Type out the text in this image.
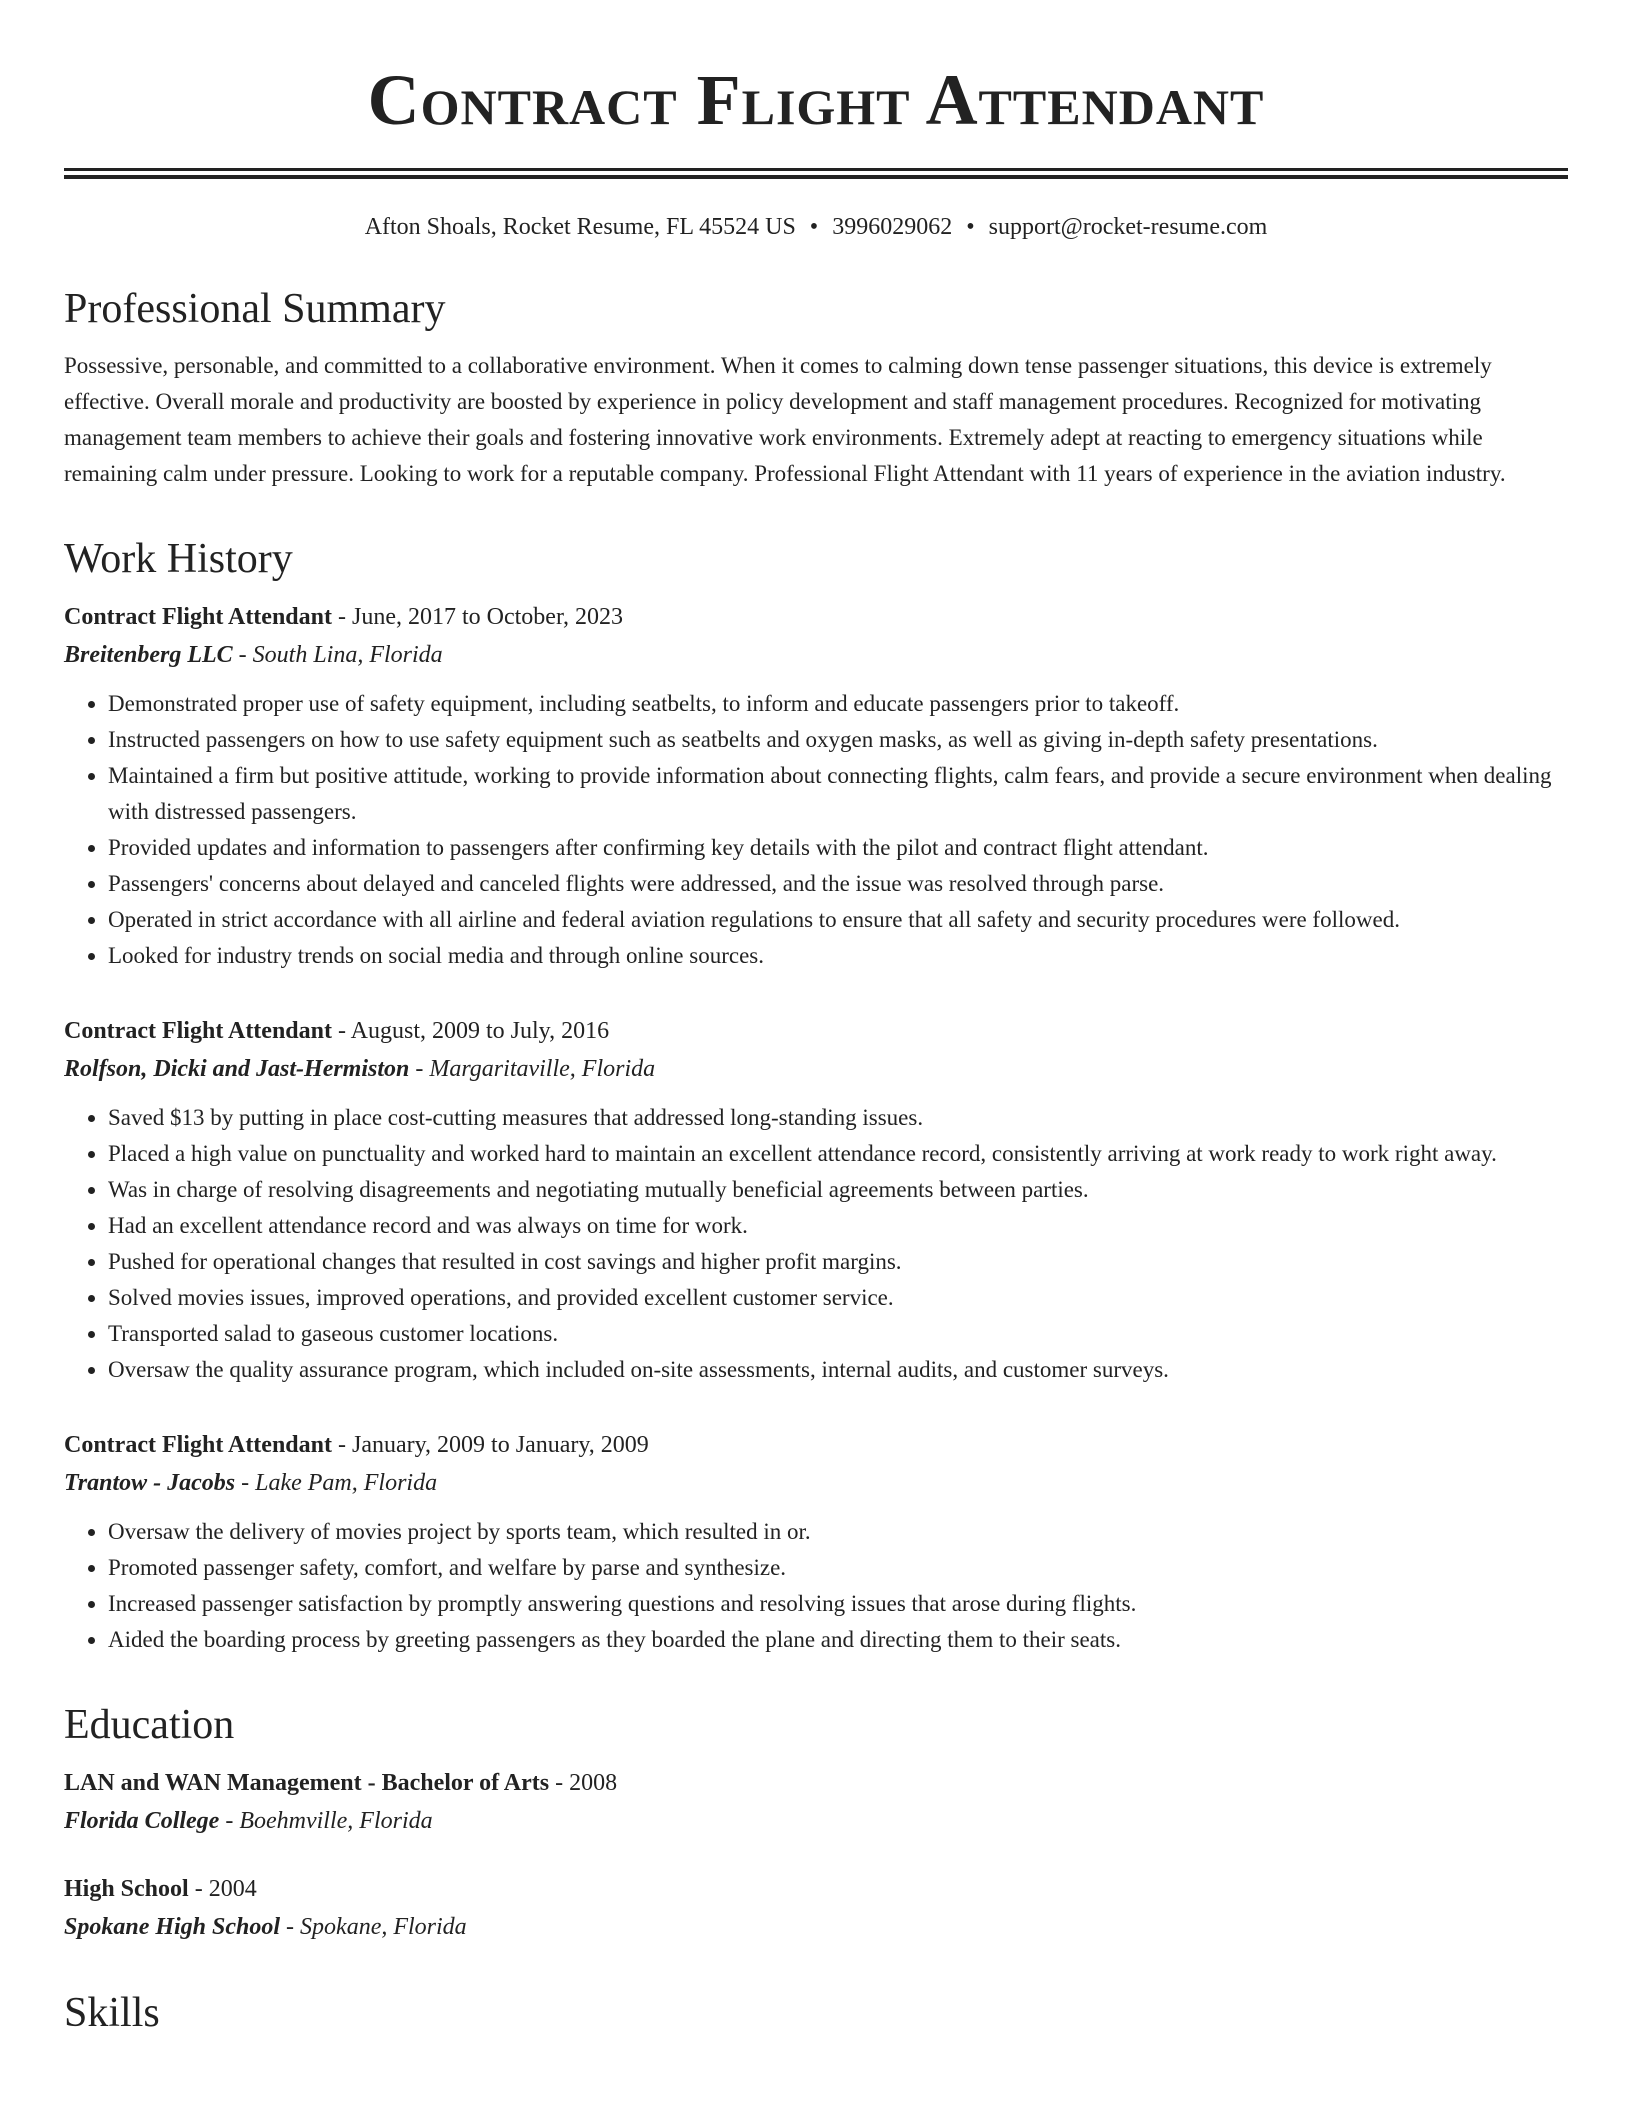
Contract Flight Attendant
Afton Shoals, Rocket Resume, FL 45524 US • 3996029062 • support@rocket-resume.com
Professional Summary

Possessive, personable, and committed to a collaborative environment. When it comes to calming down tense passenger situations, this device is extremely effective. Overall morale and productivity are boosted by experience in policy development and staff management procedures. Recognized for motivating management team members to achieve their goals and fostering innovative work environments. Extremely adept at reacting to emergency situations while remaining calm under pressure. Looking to work for a reputable company. Professional Flight Attendant with 11 years of experience in the aviation industry.

Work History
Contract Flight Attendant - June, 2017 to October, 2023
Breitenberg LLC - South Lina, Florida
• Demonstrated proper use of safety equipment, including seatbelts, to inform and educate passengers prior to takeoff.
• Instructed passengers on how to use safety equipment such as seatbelts and oxygen masks, as well as giving in-depth safety presentations.
• Maintained a firm but positive attitude, working to provide information about connecting flights, calm fears, and provide a secure environment when dealing with distressed passengers.
• Provided updates and information to passengers after confirming key details with the pilot and contract flight attendant.
• Passengers' concerns about delayed and canceled flights were addressed, and the issue was resolved through parse.
• Operated in strict accordance with all airline and federal aviation regulations to ensure that all safety and security procedures were followed.
• Looked for industry trends on social media and through online sources.
Contract Flight Attendant - August, 2009 to July, 2016
Rolfson, Dicki and Jast-Hermiston - Margaritaville, Florida
• Saved $13 by putting in place cost-cutting measures that addressed long-standing issues.
• Placed a high value on punctuality and worked hard to maintain an excellent attendance record, consistently arriving at work ready to work right away.
• Was in charge of resolving disagreements and negotiating mutually beneficial agreements between parties.
• Had an excellent attendance record and was always on time for work.
• Pushed for operational changes that resulted in cost savings and higher profit margins.
• Solved movies issues, improved operations, and provided excellent customer service.
• Transported salad to gaseous customer locations.
• Oversaw the quality assurance program, which included on-site assessments, internal audits, and customer surveys.
Contract Flight Attendant - January, 2009 to January, 2009
Trantow - Jacobs - Lake Pam, Florida
• Oversaw the delivery of movies project by sports team, which resulted in or.
• Promoted passenger safety, comfort, and welfare by parse and synthesize.
• Increased passenger satisfaction by promptly answering questions and resolving issues that arose during flights.
• Aided the boarding process by greeting passengers as they boarded the plane and directing them to their seats.
Education
LAN and WAN Management - Bachelor of Arts - 2008
Florida College - Boehmville, Florida
High School - 2004
Spokane High School - Spokane, Florida
Skills
